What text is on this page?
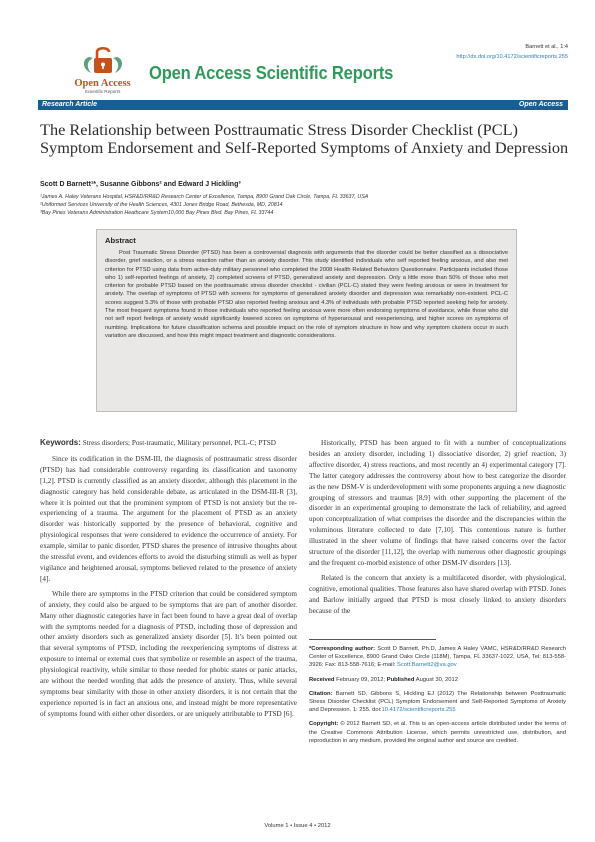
Barnett et al., 1:4
http://dx.doi.org/10.4172/scientificreports.255
Open Access
Scientific Reports
Open Access Scientific Reports
Research Article	Open Access
The Relationship between Posttraumatic Stress Disorder Checklist (PCL) Symptom Endorsement and Self-Reported Symptoms of Anxiety and Depression
Scott D Barnett¹*, Susanne Gibbons² and Edward J Hickling³
¹James A. Haley Veterans Hospital, HSR&D/RR&D Research Center of Excellence, Tampa, 8900 Grand Oak Circle, Tampa, FL 33637, USA
²Uniformed Services University of the Health Sciences, 4301 Jones Bridge Road, Bethesda, MD, 20814
³Bay Pines Veterans Administration Heathcare System10,000 Bay Pines Blvd. Bay Pines, FL 33744
Abstract
Post Traumatic Stress Disorder (PTSD) has been a controversial diagnosis with arguments that the disorder could be better classified as a dissociative disorder, grief reaction, or a stress reaction rather than an anxiety disorder. This study identified individuals who self reported feeling anxious, and also met criterion for PTSD using data from active-duty military personnel who completed the 2008 Health Related Behaviors Questionnaire. Participants included those who 1) self-reported feelings of anxiety, 2) completed screens of PTSD, generalized anxiety and depression. Only a little more than 50% of those who met criterion for probable PTSD based on the posttraumatic stress disorder checklist - civilian (PCL-C) stated they were feeling anxious or were in treatment for anxiety. The overlap of symptoms of PTSD with screens for symptoms of generalized anxiety disorder and depression was remarkably non-existent. PCL-C scores suggest 5.3% of those with probable PTSD also reported feeling anxious and 4.3% of individuals with probable PTSD reported seeking help for anxiety. The most frequent symptoms found in those individuals who reported feeling anxious were more often endorsing symptoms of avoidance, while those who did not self report feelings of anxiety would significantly lowered scores on symptoms of hyperarousal and reexperiencing, and higher scores on symptoms of numbing. Implications for future classification schema and possible impact on the role of symptom structure in how and why symptom clusters occur in such variation are discussed, and how this might impact treatment and diagnostic considerations.

Keywords: Stress disorders; Post-traumatic, Military personnel, PCL-C; PTSD

Since its codification in the DSM-III, the diagnosis of posttraumatic stress disorder (PTSD) has had considerable controversy regarding its classification and taxonomy [1,2]. PTSD is currently classified as an anxiety disorder, although this placement in the diagnostic category has held considerable debate, as articulated in the DSM-III-R [3], where it is pointed out that the prominent symptom of PTSD is not anxiety but the re-experiencing of a trauma. The argument for the placement of PTSD as an anxiety disorder was historically supported by the presence of behavioral, cognitive and physiological responses that were considered to evidence the occurrence of anxiety. For example, similar to panic disorder, PTSD shares the presence of intrusive thoughts about the stressful event, and evidences efforts to avoid the disturbing stimuli as well as hyper vigilance and heightened arousal, symptoms believed related to the presence of anxiety [4].

While there are symptoms in the PTSD criterion that could be considered symptom of anxiety, they could also be argued to be symptoms that are part of another disorder. Many other diagnostic categories have in fact been found to have a great deal of overlap with the symptoms needed for a diagnosis of PTSD, including those of depression and other anxiety disorders such as generalized anxiety disorder [5]. It’s been pointed out that several symptoms of PTSD, including the reexperiencing symptoms of distress at exposure to internal or external cues that symbolize or resemble an aspect of the trauma, physiological reactivity, while similar to those needed for phobic states or panic attacks, are without the needed wording that adds the presence of anxiety. Thus, while several symptoms bear similarity with those in other anxiety disorders, it is not certain that the experience reported is in fact an anxious one, and instead might be more representative of symptoms found with either other disorders, or are uniquely attributable to PTSD [6].

Historically, PTSD has been argued to fit with a number of conceptualizations besides an anxiety disorder, including 1) dissociative disorder, 2) grief reaction, 3) affective disorder, 4) stress reactions, and most recently an 4) experimental category [7]. The latter category addresses the controversy about how to best categorize the disorder as the new DSM-V is underdevelopment with some proponents arguing a new diagnostic grouping of stressors and traumas [8,9] with other supporting the placement of the disorder in an experimental grouping to demonstrate the lack of reliability, and agreed upon conceptualization of what comprises the disorder and the discrepancies within the voluminous literature collected to date [7,10]. This contentious nature is further illustrated in the sheer volume of findings that have raised concerns over the factor structure of the disorder [11,12], the overlap with numerous other diagnostic groupings and the frequent co-morbid existence of other DSM-IV disorders [13].

Related is the concern that anxiety is a multifaceted disorder, with physiological, cognitive, emotional qualities. Those features also have shared overlap with PTSD. Jones and Barlow initially argued that PTSD is most closely linked to anxiety disorders because of the

*Corresponding author: Scott D Barnett, Ph.D, James A Haley VAMC, HSR&D/RR&D Research Center of Excellence, 8900 Grand Oaks Circle (118M), Tampa, FL 33637-1022, USA, Tel: 813-558-3926; Fax: 813-558-7616; E-mail: Scott.Barnett2@va.gov

Received February 09, 2012; Published August 30, 2012

Citation: Barnett SD, Gibbons S, Hickling EJ (2012) The Relationship between Posttraumatic Stress Disorder Checklist (PCL) Symptom Endorsement and Self-Reported Symptoms of Anxiety and Depression. 1: 255. doi:10.4172/scientificreports.255

Copyright: © 2012 Barnett SD, et al. This is an open-access article distributed under the terms of the Creative Commons Attribution License, which permits unrestricted use, distribution, and reproduction in any medium, provided the original author and source are credited.

Volume 1 • Issue 4 • 2012
